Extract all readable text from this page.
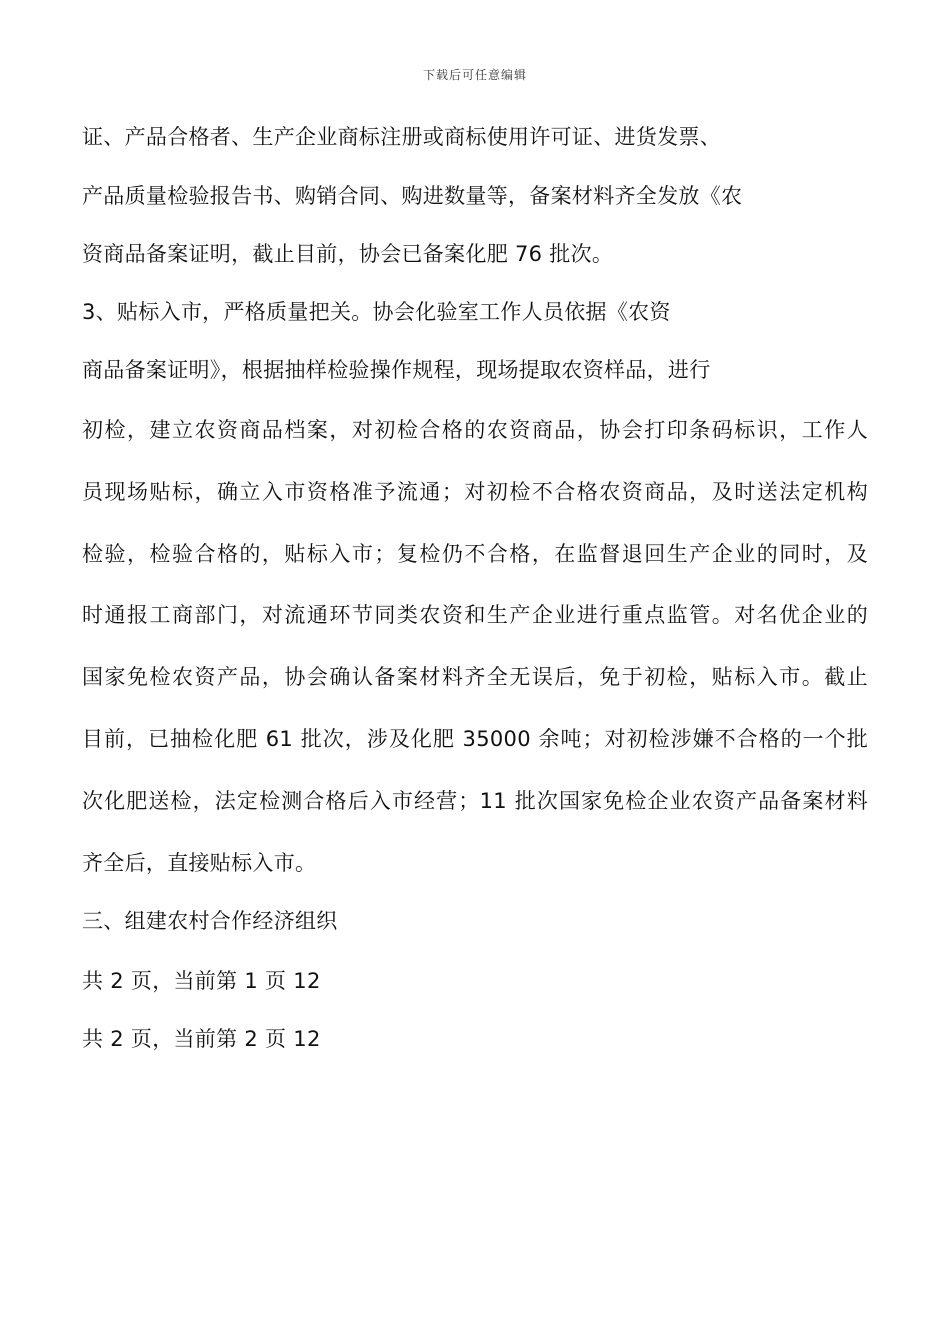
下载后可任意编辑
证、产品合格者、生产企业商标注册或商标使用许可证、进货发票、
产品质量检验报告书、购销合同、购进数量等，备案材料齐全发放《农
资商品备案证明，截止目前，协会已备案化肥 76 批次。
3、贴标入市，严格质量把关。协会化验室工作人员依据《农资
商品备案证明》，根据抽样检验操作规程，现场提取农资样品，进行
初检，建立农资商品档案，对初检合格的农资商品，协会打印条码标识，工作人
员现场贴标，确立入市资格准予流通；对初检不合格农资商品，及时送法定机构
检验，检验合格的，贴标入市；复检仍不合格，在监督退回生产企业的同时，及
时通报工商部门，对流通环节同类农资和生产企业进行重点监管。对名优企业的
国家免检农资产品，协会确认备案材料齐全无误后，免于初检，贴标入市。截止
目前，已抽检化肥 61 批次，涉及化肥 35000 余吨；对初检涉嫌不合格的一个批
次化肥送检，法定检测合格后入市经营；11 批次国家免检企业农资产品备案材料
齐全后，直接贴标入市。
三、组建农村合作经济组织
共 2 页，当前第 1 页 12
共 2 页，当前第 2 页 12
